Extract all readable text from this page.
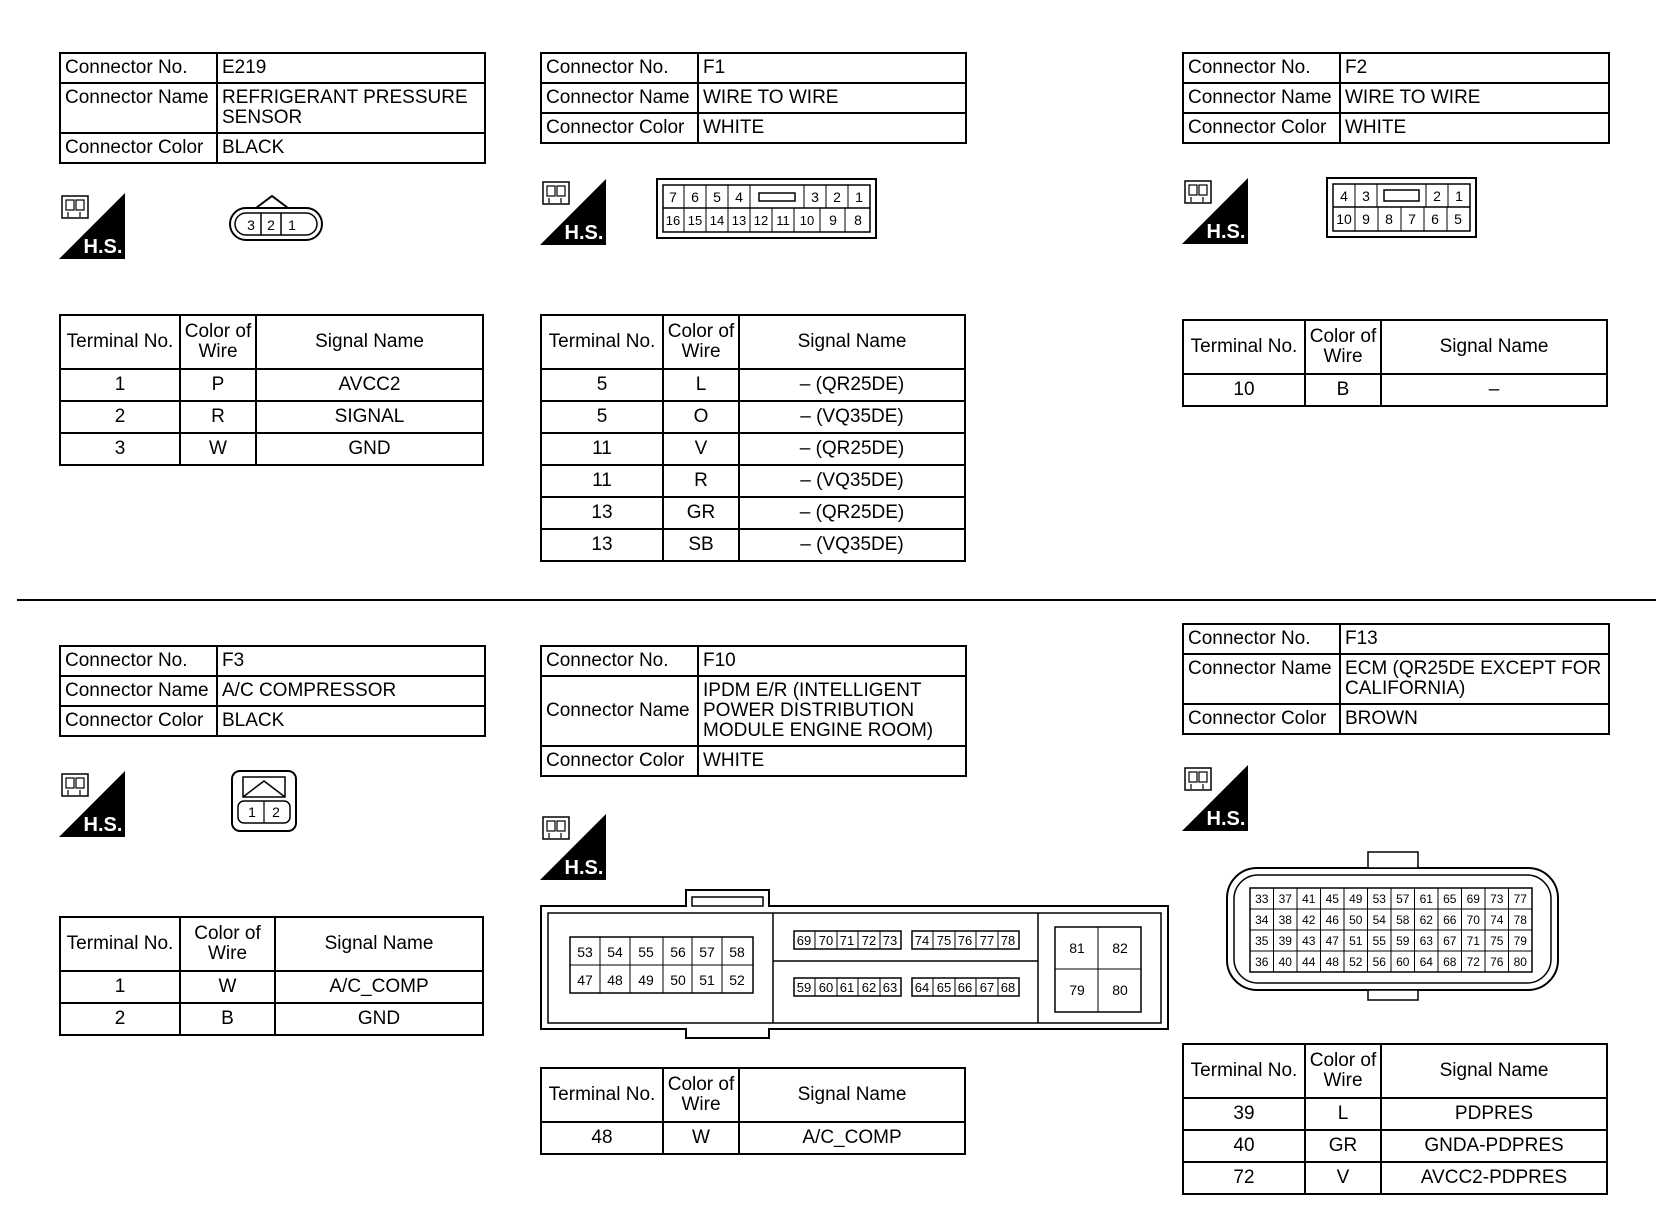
Connector No.	E219
Connector Name	REFRIGERANT PRESSURE SENSOR
Connector Color	BLACK
H.S.
3 2 1
Terminal No.	Color of Wire	Signal Name
1	P	AVCC2
2	R	SIGNAL
3	W	GND
Connector No.	F1
Connector Name	WIRE TO WIRE
Connector Color	WHITE
H.S.
7 6 5 4	3 2 1
16 15 14 13 12 11 10 9 8
Terminal No.	Color of Wire	Signal Name
5	L	– (QR25DE)
5	O	– (VQ35DE)
11	V	– (QR25DE)
11	R	– (VQ35DE)
13	GR	– (QR25DE)
13	SB	– (VQ35DE)
Connector No.	F2
Connector Name	WIRE TO WIRE
Connector Color	WHITE
H.S.
4 3	2 1
10 9 8 7 6 5
Terminal No.	Color of Wire	Signal Name
10	B	–
Connector No.	F3
Connector Name	A/C COMPRESSOR
Connector Color	BLACK
H.S.
1 2
Terminal No.	Color of Wire	Signal Name
1	W	A/C_COMP
2	B	GND
Connector No.	F10
Connector Name	IPDM E/R (INTELLIGENT POWER DISTRIBUTION MODULE ENGINE ROOM)
Connector Color	WHITE
H.S.
53 54 55 56 57 58
47 48 49 50 51 52
69 70 71 72 73 74 75 76 77 78
59 60 61 62 63 64 65 66 67 68
81 82
79 80
Terminal No.	Color of Wire	Signal Name
48	W	A/C_COMP
Connector No.	F13
Connector Name	ECM (QR25DE EXCEPT FOR CALIFORNIA)
Connector Color	BROWN
H.S.
33 37 41 45 49 53 57 61 65 69 73 77
34 38 42 46 50 54 58 62 66 70 74 78
35 39 43 47 51 55 59 63 67 71 75 79
36 40 44 48 52 56 60 64 68 72 76 80
Terminal No.	Color of Wire	Signal Name
39	L	PDPRES
40	GR	GNDA-PDPRES
72	V	AVCC2-PDPRES
